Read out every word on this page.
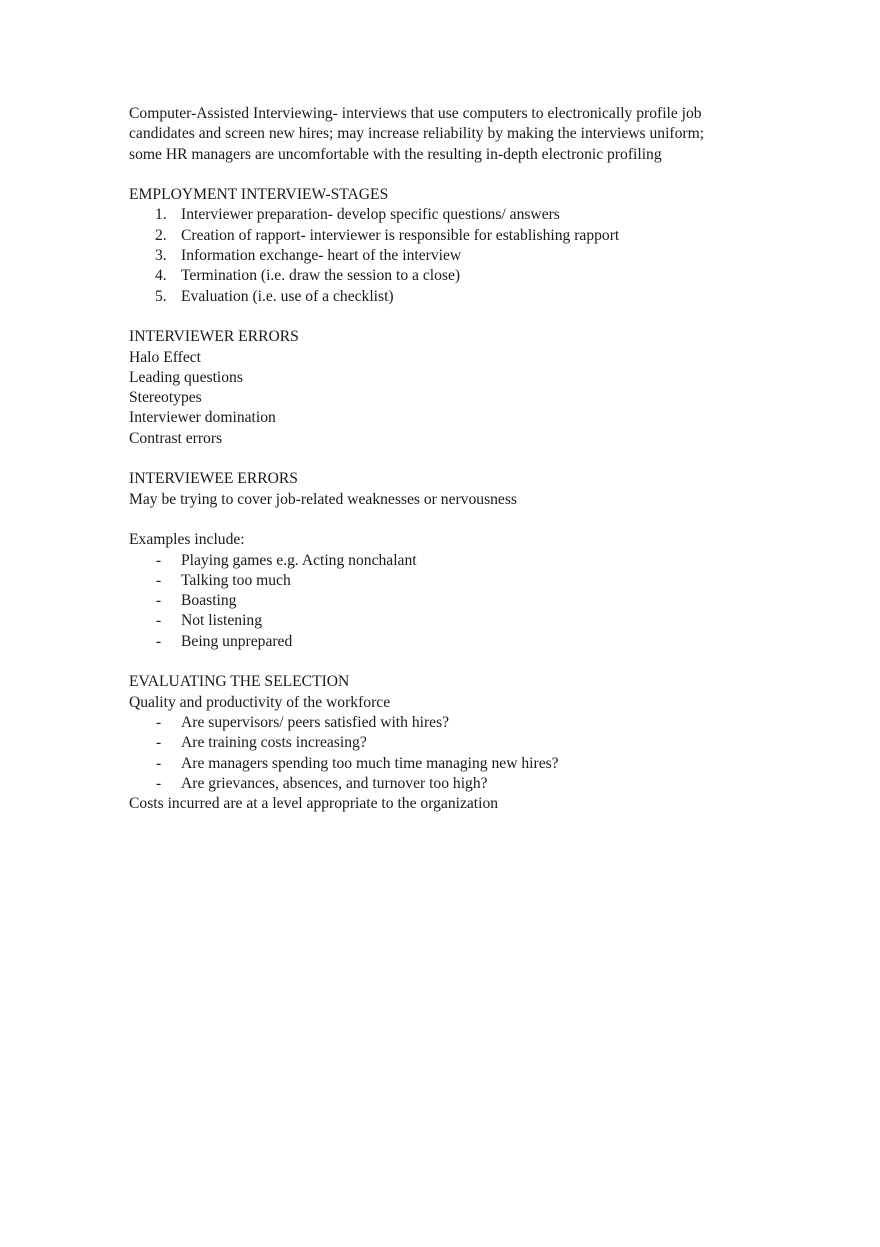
Computer-Assisted Interviewing- interviews that use computers to electronically profile job candidates and screen new hires; may increase reliability by making the interviews uniform; some HR managers are uncomfortable with the resulting in-depth electronic profiling

EMPLOYMENT INTERVIEW-STAGES

1. Interviewer preparation- develop specific questions/ answers
2. Creation of rapport- interviewer is responsible for establishing rapport
3. Information exchange- heart of the interview
4. Termination (i.e. draw the session to a close)
5. Evaluation (i.e. use of a checklist)

INTERVIEWER ERRORS

Halo Effect

Leading questions

Stereotypes

Interviewer domination

Contrast errors

INTERVIEWEE ERRORS

May be trying to cover job-related weaknesses or nervousness

Examples include:

-	Playing games e.g. Acting nonchalant
-	Talking too much
-	Boasting
-	Not listening
-	Being unprepared

EVALUATING THE SELECTION

Quality and productivity of the workforce

-	Are supervisors/ peers satisfied with hires?
-	Are training costs increasing?
-	Are managers spending too much time managing new hires?
-	Are grievances, absences, and turnover too high?

Costs incurred are at a level appropriate to the organization
